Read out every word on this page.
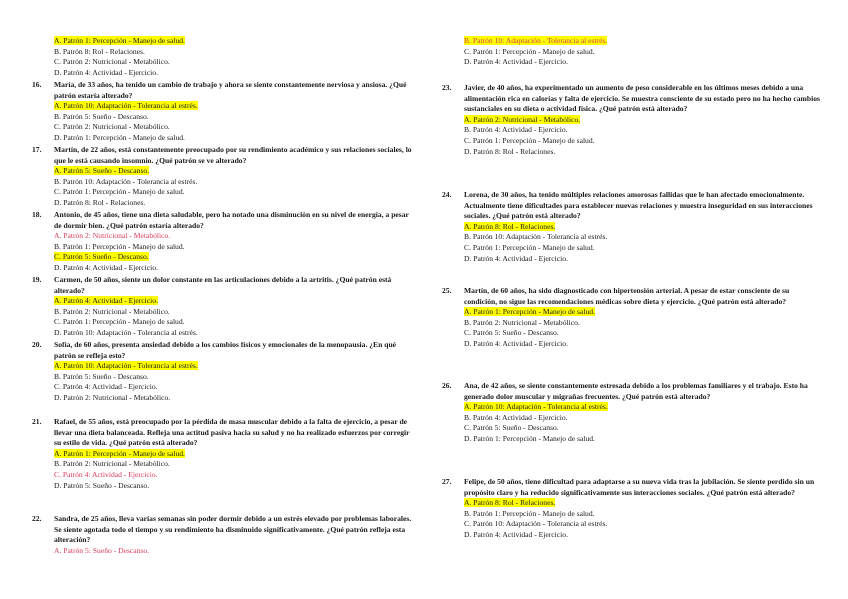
A. Patrón 1: Percepción - Manejo de salud.
B. Patrón 8: Rol - Relaciones.
C. Patrón 2: Nutricional - Metabólico.
D. Patrón 4: Actividad - Ejercicio.
16.	María, de 33 años, ha tenido un cambio de trabajo y ahora se siente constantemente nerviosa y ansiosa. ¿Qué patrón estaría alterado?
A. Patrón 10: Adaptación - Tolerancia al estrés.
B. Patrón 5: Sueño - Descanso.
C. Patrón 2: Nutricional - Metabólico.
D. Patrón 1: Percepción - Manejo de salud.
17.	Martín, de 22 años, está constantemente preocupado por su rendimiento académico y sus relaciones sociales, lo que le está causando insomnio. ¿Qué patrón se ve alterado?
A. Patrón 5: Sueño - Descanso.
B. Patrón 10: Adaptación - Tolerancia al estrés.
C. Patrón 1: Percepción - Manejo de salud.
D. Patrón 8: Rol - Relaciones.
18.	Antonio, de 45 años, tiene una dieta saludable, pero ha notado una disminución en su nivel de energía, a pesar de dormir bien. ¿Qué patrón estaría alterado?
A. Patrón 2: Nutricional - Metabólico.
B. Patrón 1: Percepción - Manejo de salud.
C. Patrón 5: Sueño - Descanso.
D. Patrón 4: Actividad - Ejercicio.
19.	Carmen, de 50 años, siente un dolor constante en las articulaciones debido a la artritis. ¿Qué patrón está alterado?
A. Patrón 4: Actividad - Ejercicio.
B. Patrón 2: Nutricional - Metabólico.
C. Patrón 1: Percepción - Manejo de salud.
D. Patrón 10: Adaptación - Tolerancia al estrés.
20.	Sofía, de 60 años, presenta ansiedad debido a los cambios físicos y emocionales de la menopausia. ¿En qué patrón se refleja esto?
A. Patrón 10: Adaptación - Tolerancia al estrés.
B. Patrón 5: Sueño - Descanso.
C. Patrón 4: Actividad - Ejercicio.
D. Patrón 2: Nutricional - Metabólico.
21.	Rafael, de 55 años, está preocupado por la pérdida de masa muscular debido a la falta de ejercicio, a pesar de llevar una dieta balanceada. Refleja una actitud pasiva hacia su salud y no ha realizado esfuerzos por corregir su estilo de vida. ¿Qué patrón está alterado?
A. Patrón 1: Percepción - Manejo de salud.
B. Patrón 2: Nutricional - Metabólico.
C. Patrón 4: Actividad - Ejercicio.
D. Patrón 5: Sueño - Descanso.
22.	Sandra, de 25 años, lleva varias semanas sin poder dormir debido a un estrés elevado por problemas laborales. Se siente agotada todo el tiempo y su rendimiento ha disminuido significativamente. ¿Qué patrón refleja esta alteración?
A. Patrón 5: Sueño - Descanso.
B. Patrón 10: Adaptación - Tolerancia al estrés.
C. Patrón 1: Percepción - Manejo de salud.
D. Patrón 4: Actividad - Ejercicio.
23.	Javier, de 40 años, ha experimentado un aumento de peso considerable en los últimos meses debido a una alimentación rica en calorías y falta de ejercicio. Se muestra consciente de su estado pero no ha hecho cambios sustanciales en su dieta o actividad física. ¿Qué patrón está alterado?
A. Patrón 2: Nutricional - Metabólico.
B. Patrón 4: Actividad - Ejercicio.
C. Patrón 1: Percepción - Manejo de salud.
D. Patrón 8: Rol - Relaciones.
24.	Lorena, de 30 años, ha tenido múltiples relaciones amorosas fallidas que le han afectado emocionalmente. Actualmente tiene dificultades para establecer nuevas relaciones y muestra inseguridad en sus interacciones sociales. ¿Qué patrón está alterado?
A. Patrón 8: Rol - Relaciones.
B. Patrón 10: Adaptación - Tolerancia al estrés.
C. Patrón 1: Percepción - Manejo de salud.
D. Patrón 4: Actividad - Ejercicio.
25.	Martín, de 60 años, ha sido diagnosticado con hipertensión arterial. A pesar de estar consciente de su condición, no sigue las recomendaciones médicas sobre dieta y ejercicio. ¿Qué patrón está alterado?
A. Patrón 1: Percepción - Manejo de salud.
B. Patrón 2: Nutricional - Metabólico.
C. Patrón 5: Sueño - Descanso.
D. Patrón 4: Actividad - Ejercicio.
26.	Ana, de 42 años, se siente constantemente estresada debido a los problemas familiares y el trabajo. Esto ha generado dolor muscular y migrañas frecuentes. ¿Qué patrón está alterado?
A. Patrón 10: Adaptación - Tolerancia al estrés.
B. Patrón 4: Actividad - Ejercicio.
C. Patrón 5: Sueño - Descanso.
D. Patrón 1: Percepción - Manejo de salud.
27.	Felipe, de 50 años, tiene dificultad para adaptarse a su nueva vida tras la jubilación. Se siente perdido sin un propósito claro y ha reducido significativamente sus interacciones sociales. ¿Qué patrón está alterado?
A. Patrón 8: Rol - Relaciones.
B. Patrón 1: Percepción - Manejo de salud.
C. Patrón 10: Adaptación - Tolerancia al estrés.
D. Patrón 4: Actividad - Ejercicio.
